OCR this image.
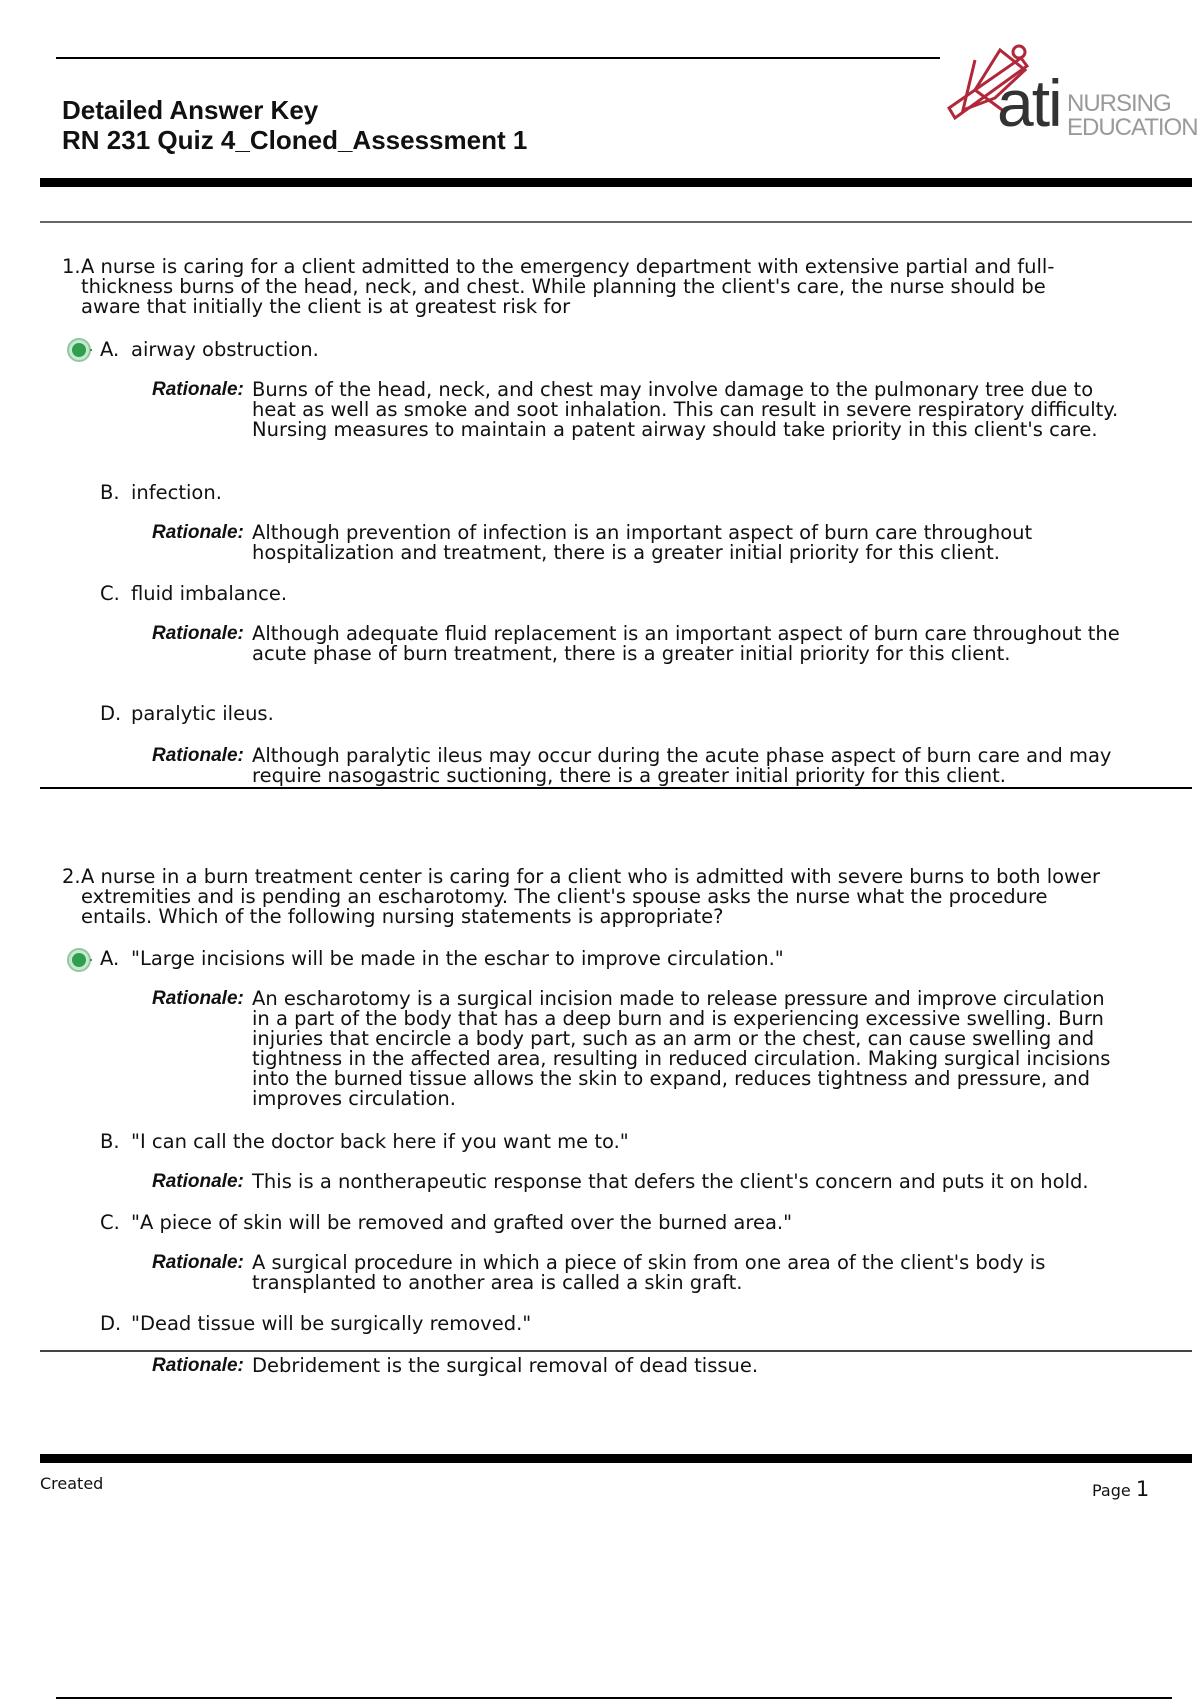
Detailed Answer Key
RN 231 Quiz 4_Cloned_Assessment 1	ati NURSING
EDUCATION
1. A nurse is caring for a client admitted to the emergency department with extensive partial and full-thickness burns of the head, neck, and chest. While planning the client's care, the nurse should be aware that initially the client is at greatest risk for
A. airway obstruction.
Rationale: Burns of the head, neck, and chest may involve damage to the pulmonary tree due to heat as well as smoke and soot inhalation. This can result in severe respiratory difficulty. Nursing measures to maintain a patent airway should take priority in this client's care.
B. infection.
Rationale: Although prevention of infection is an important aspect of burn care throughout hospitalization and treatment, there is a greater initial priority for this client.
C. fluid imbalance.
Rationale: Although adequate fluid replacement is an important aspect of burn care throughout the acute phase of burn treatment, there is a greater initial priority for this client.
D. paralytic ileus.
Rationale: Although paralytic ileus may occur during the acute phase aspect of burn care and may require nasogastric suctioning, there is a greater initial priority for this client.
2. A nurse in a burn treatment center is caring for a client who is admitted with severe burns to both lower extremities and is pending an escharotomy. The client's spouse asks the nurse what the procedure entails. Which of the following nursing statements is appropriate?
A. "Large incisions will be made in the eschar to improve circulation."
Rationale: An escharotomy is a surgical incision made to release pressure and improve circulation in a part of the body that has a deep burn and is experiencing excessive swelling. Burn injuries that encircle a body part, such as an arm or the chest, can cause swelling and tightness in the affected area, resulting in reduced circulation. Making surgical incisions into the burned tissue allows the skin to expand, reduces tightness and pressure, and improves circulation.
B. "I can call the doctor back here if you want me to."
Rationale: This is a nontherapeutic response that defers the client's concern and puts it on hold.
C. "A piece of skin will be removed and grafted over the burned area."
Rationale: A surgical procedure in which a piece of skin from one area of the client's body is transplanted to another area is called a skin graft.
D. "Dead tissue will be surgically removed."
Rationale: Debridement is the surgical removal of dead tissue.
Created	Page 1
